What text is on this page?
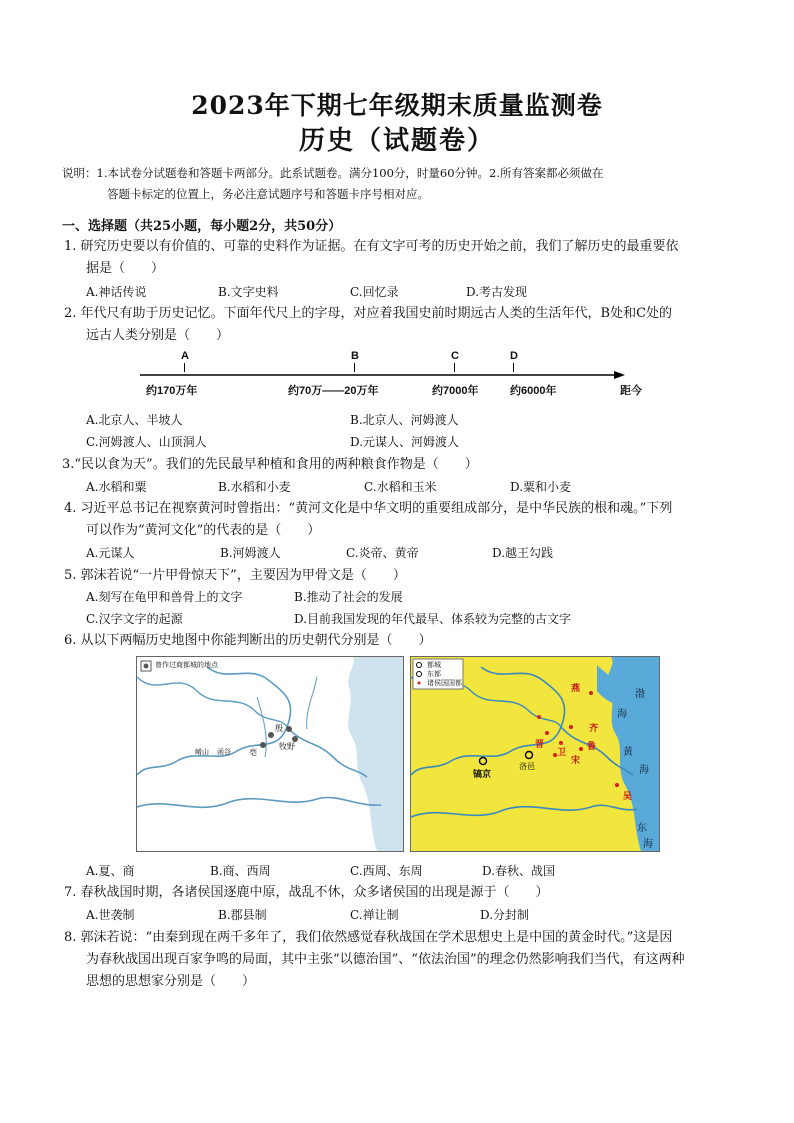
2023年下期七年级期末质量监测卷
历史（试题卷）
说明：1.本试卷分试题卷和答题卡两部分。此系试题卷。满分100分，时量60分钟。2.所有答案都必须做在
答题卡标定的位置上，务必注意试题序号和答题卡序号相对应。
一、选择题（共25小题，每小题2分，共50分）
1. 研究历史要以有价值的、可靠的史料作为证据。在有文字可考的历史开始之前，我们了解历史的最重要依
据是（　　）
A.神话传说	B.文字史料	C.回忆录	D.考古发现
2. 年代尺有助于历史记忆。下面年代尺上的字母，对应着我国史前时期远古人类的生活年代，B处和C处的
远古人类分别是（　　）
A	B	C	D
约170万年	约70万——20万年	约7000年	约6000年	距今
A.北京人、半坡人	B.北京人、河姆渡人
C.河姆渡人、山顶洞人	D.元谋人、河姆渡人
3.“民以食为天”。我们的先民最早种植和食用的两种粮食作物是（　　）
A.水稻和粟	B.水稻和小麦	C.水稻和玉米	D.粟和小麦
4. 习近平总书记在视察黄河时曾指出：“黄河文化是中华文明的重要组成部分，是中华民族的根和魂。”下列
可以作为“黄河文化”的代表的是（　　）
A.元谋人	B.河姆渡人	C.炎帝、黄帝	D.越王勾践
5. 郭沫若说“一片甲骨惊天下”，主要因为甲骨文是（　　）
A.刻写在龟甲和兽骨上的文字	B.推动了社会的发展
C.汉字文字的起源	D.目前我国发现的年代最早、体系较为完整的古文字
6. 从以下两幅历史地图中你能判断出的历史朝代分别是（　　）
曾作过商都城的地点
殷
牧野
亳
崤山 函谷
都城
东都
诸侯国国都
镐京
洛邑
燕
卫
晋
齐
宋
鲁
吴
渤
海
黄
海
东
海
A.夏、商	B.商、西周	C.西周、东周	D.春秋、战国
7. 春秋战国时期，各诸侯国逐鹿中原，战乱不休，众多诸侯国的出现是源于（　　）
A.世袭制	B.郡县制	C.禅让制	D.分封制
8. 郭沫若说：“由秦到现在两千多年了，我们依然感觉春秋战国在学术思想史上是中国的黄金时代。”这是因
为春秋战国出现百家争鸣的局面，其中主张“以德治国”、“依法治国”的理念仍然影响我们当代，有这两种
思想的思想家分别是（　　）
